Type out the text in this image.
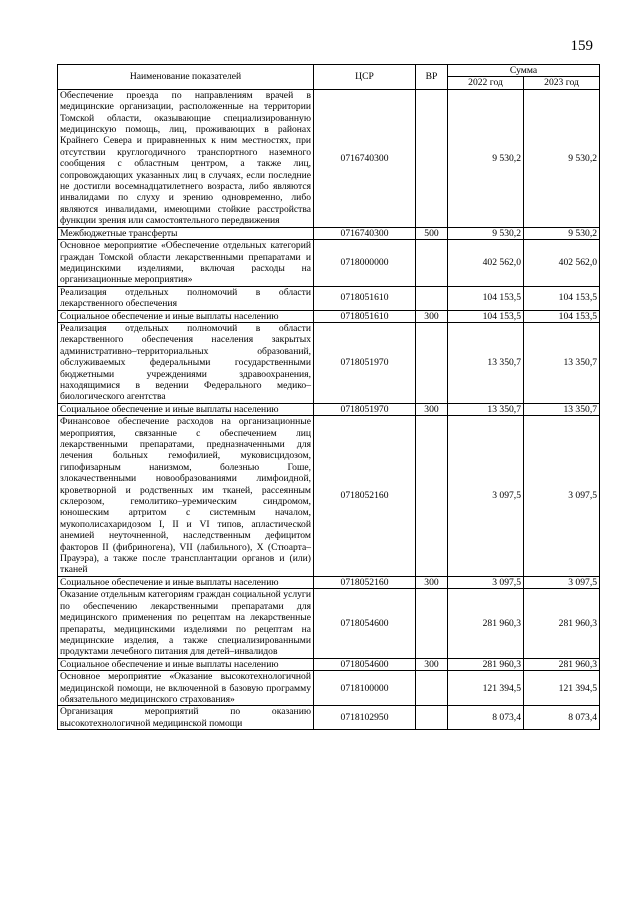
159
Наименование показателей	ЦСР	ВР	Сумма	
			2022 год	2023 год
Обеспечение проезда по направлениям врачей в медицинские организации, расположенные на территории Томской области, оказывающие специализированную медицинскую помощь, лиц, проживающих в районах Крайнего Севера и приравненных к ним местностях, при отсутствии круглогодичного транспортного наземного сообщения с областным центром, а также лиц, сопровождающих указанных лиц в случаях, если последние не достигли восемнадцатилетнего возраста, либо являются инвалидами по слуху и зрению одновременно, либо являются инвалидами, имеющими стойкие расстройства функции зрения или самостоятельного передвижения	0716740300		9 530,2	9 530,2
Межбюджетные трансферты	0716740300	500	9 530,2	9 530,2
Основное мероприятие «Обеспечение отдельных категорий граждан Томской области лекарственными препаратами и медицинскими изделиями, включая расходы на организационные мероприятия»	0718000000		402 562,0	402 562,0
Реализация отдельных полномочий в области лекарственного обеспечения	0718051610		104 153,5	104 153,5
Социальное обеспечение и иные выплаты населению	0718051610	300	104 153,5	104 153,5
Реализация отдельных полномочий в области лекарственного обеспечения населения закрытых административно–территориальных образований, обслуживаемых федеральными государственными бюджетными учреждениями здравоохранения, находящимися в ведении Федерального медико–биологического агентства	0718051970		13 350,7	13 350,7
Социальное обеспечение и иные выплаты населению	0718051970	300	13 350,7	13 350,7
Финансовое обеспечение расходов на организационные мероприятия, связанные с обеспечением лиц лекарственными препаратами, предназначенными для лечения больных гемофилией, муковисцидозом, гипофизарным нанизмом, болезнью Гоше, злокачественными новообразованиями лимфоидной, кроветворной и родственных им тканей, рассеянным склерозом, гемолитико–уремическим синдромом, юношеским артритом с системным началом, мукополисахаридозом I, II и VI типов, апластической анемией неуточненной, наследственным дефицитом факторов II (фибриногена), VII (лабильного), X (Стюарта–Прауэра), а также после трансплантации органов и (или) тканей	0718052160		3 097,5	3 097,5
Социальное обеспечение и иные выплаты населению	0718052160	300	3 097,5	3 097,5
Оказание отдельным категориям граждан социальной услуги по обеспечению лекарственными препаратами для медицинского применения по рецептам на лекарственные препараты, медицинскими изделиями по рецептам на медицинские изделия, а также специализированными продуктами лечебного питания для детей–инвалидов	0718054600		281 960,3	281 960,3
Социальное обеспечение и иные выплаты населению	0718054600	300	281 960,3	281 960,3
Основное мероприятие «Оказание высокотехнологичной медицинской помощи, не включенной в базовую программу обязательного медицинского страхования»	0718100000		121 394,5	121 394,5
Организация мероприятий по оказанию высокотехнологичной медицинской помощи	0718102950		8 073,4	8 073,4
